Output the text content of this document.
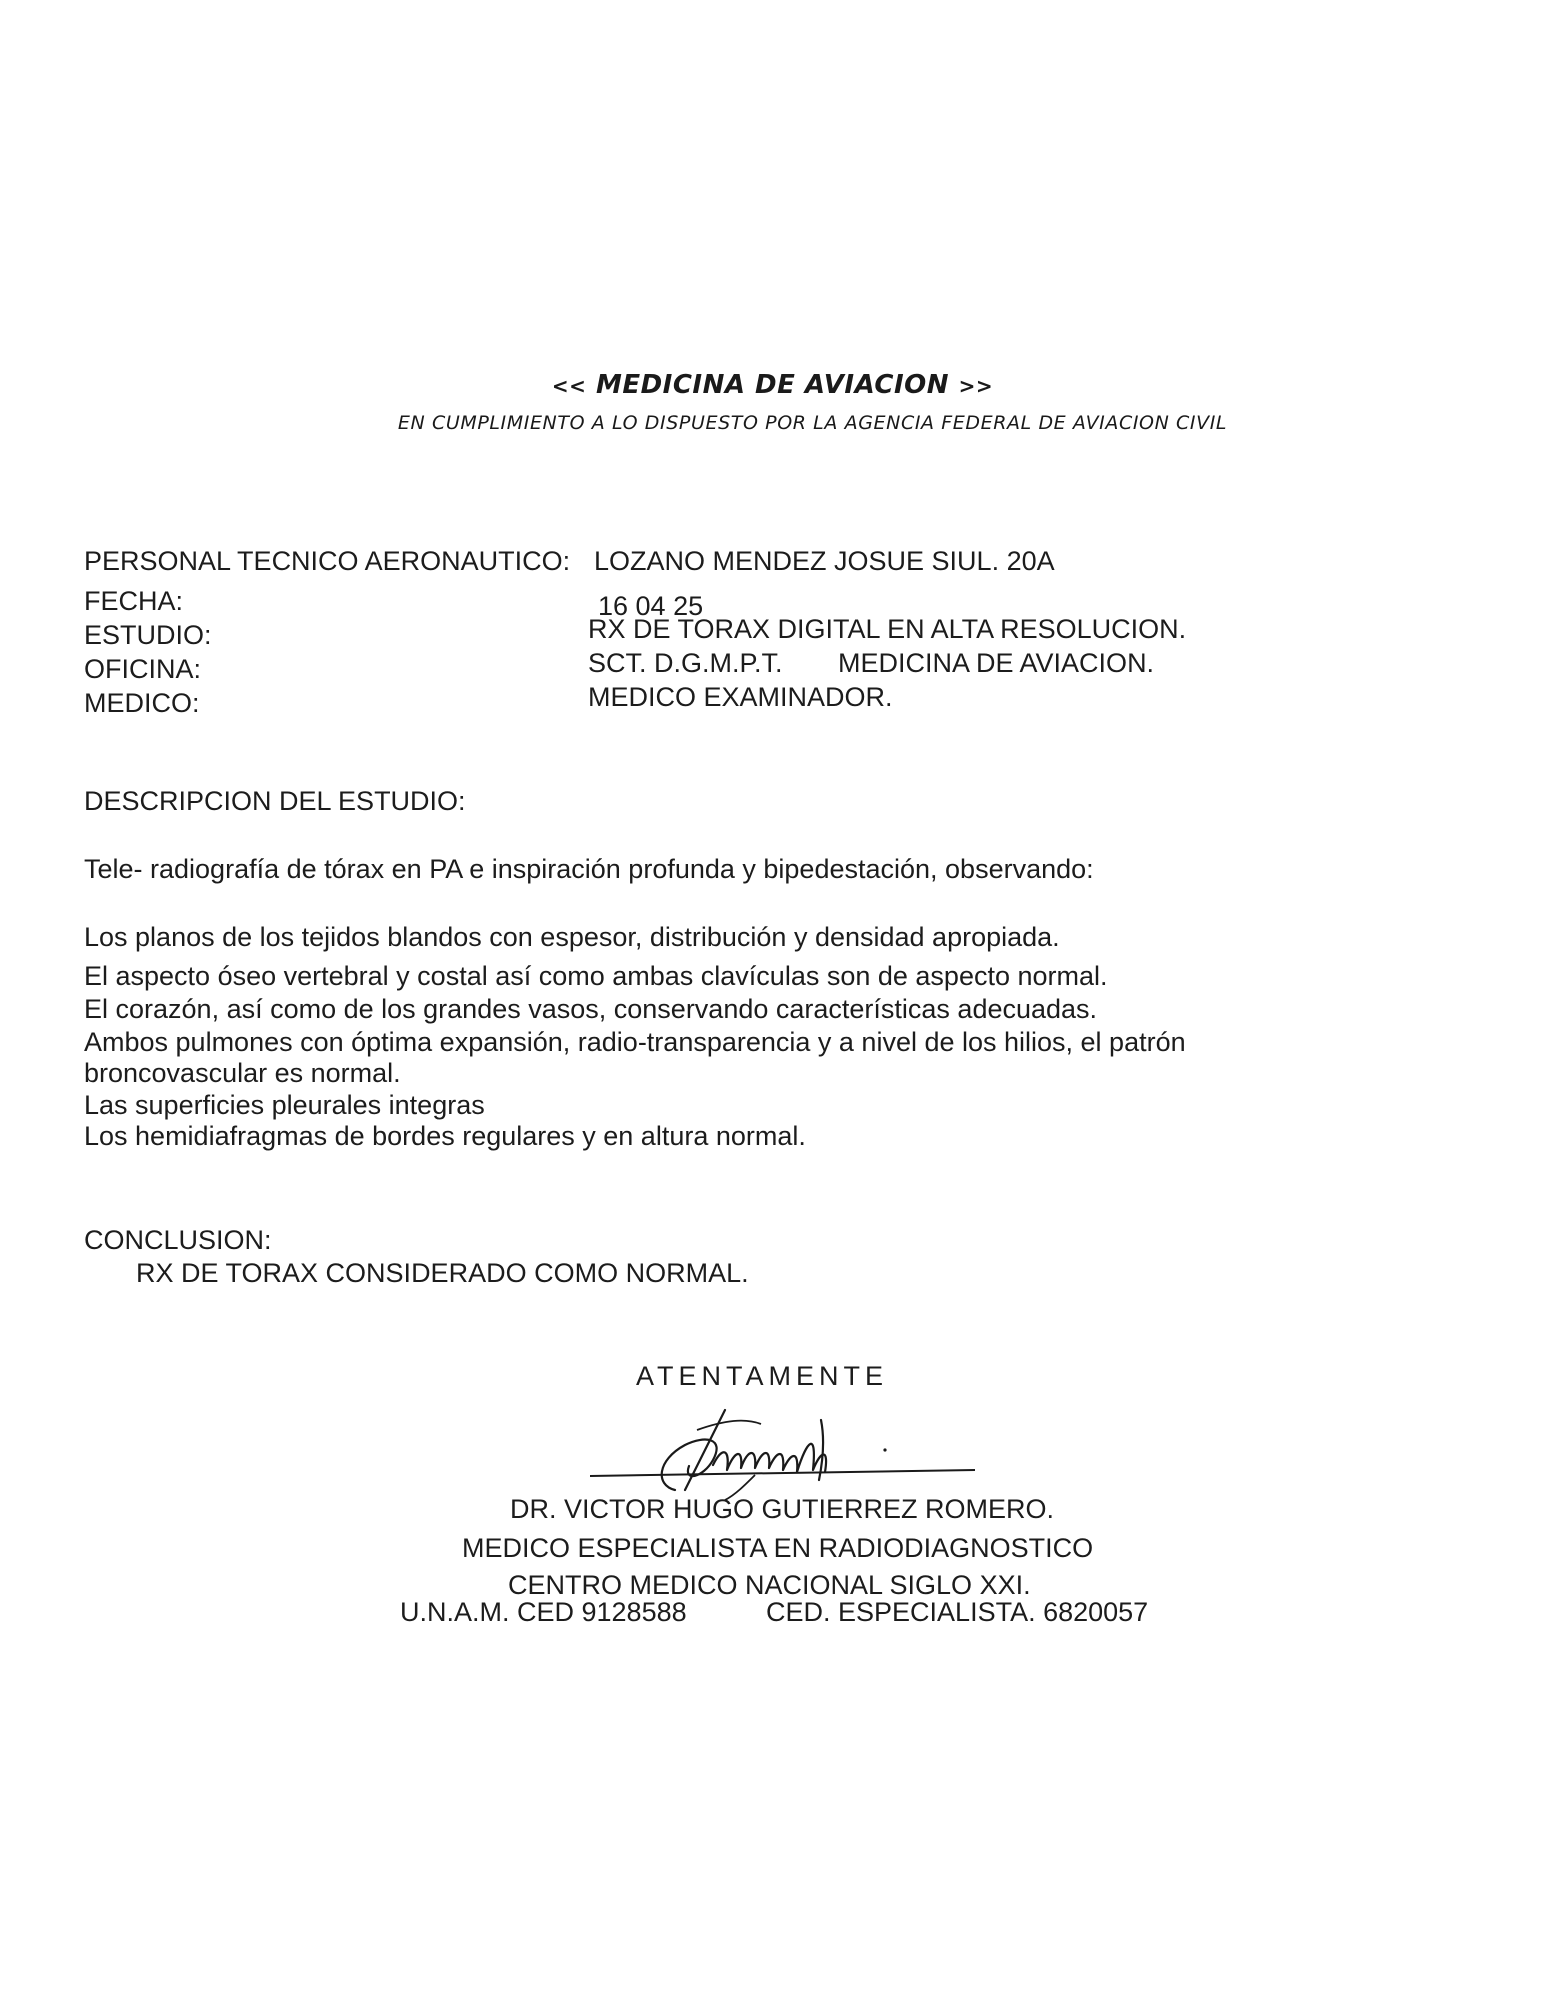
<< MEDICINA DE AVIACION >>
EN CUMPLIMIENTO A LO DISPUESTO POR LA AGENCIA FEDERAL DE AVIACION CIVIL
PERSONAL TECNICO AERONAUTICO: LOZANO MENDEZ JOSUE SIUL. 20A
FECHA:	16 04 25
ESTUDIO:	RX DE TORAX DIGITAL EN ALTA RESOLUCION.
OFICINA:	SCT. D.G.M.P.T. MEDICINA DE AVIACION.
MEDICO:	MEDICO EXAMINADOR.
DESCRIPCION DEL ESTUDIO:
Tele- radiografía de tórax en PA e inspiración profunda y bipedestación, observando:
Los planos de los tejidos blandos con espesor, distribución y densidad apropiada.
El aspecto óseo vertebral y costal así como ambas clavículas son de aspecto normal.
El corazón, así como de los grandes vasos, conservando características adecuadas.
Ambos pulmones con óptima expansión, radio-transparencia y a nivel de los hilios, el patrón
broncovascular es normal.
Las superficies pleurales integras
Los hemidiafragmas de bordes regulares y en altura normal.
CONCLUSION:
RX DE TORAX CONSIDERADO COMO NORMAL.
ATENTAMENTE
DR. VICTOR HUGO GUTIERREZ ROMERO.
MEDICO ESPECIALISTA EN RADIODIAGNOSTICO
CENTRO MEDICO NACIONAL SIGLO XXI.
U.N.A.M. CED 9128588	CED. ESPECIALISTA. 6820057
